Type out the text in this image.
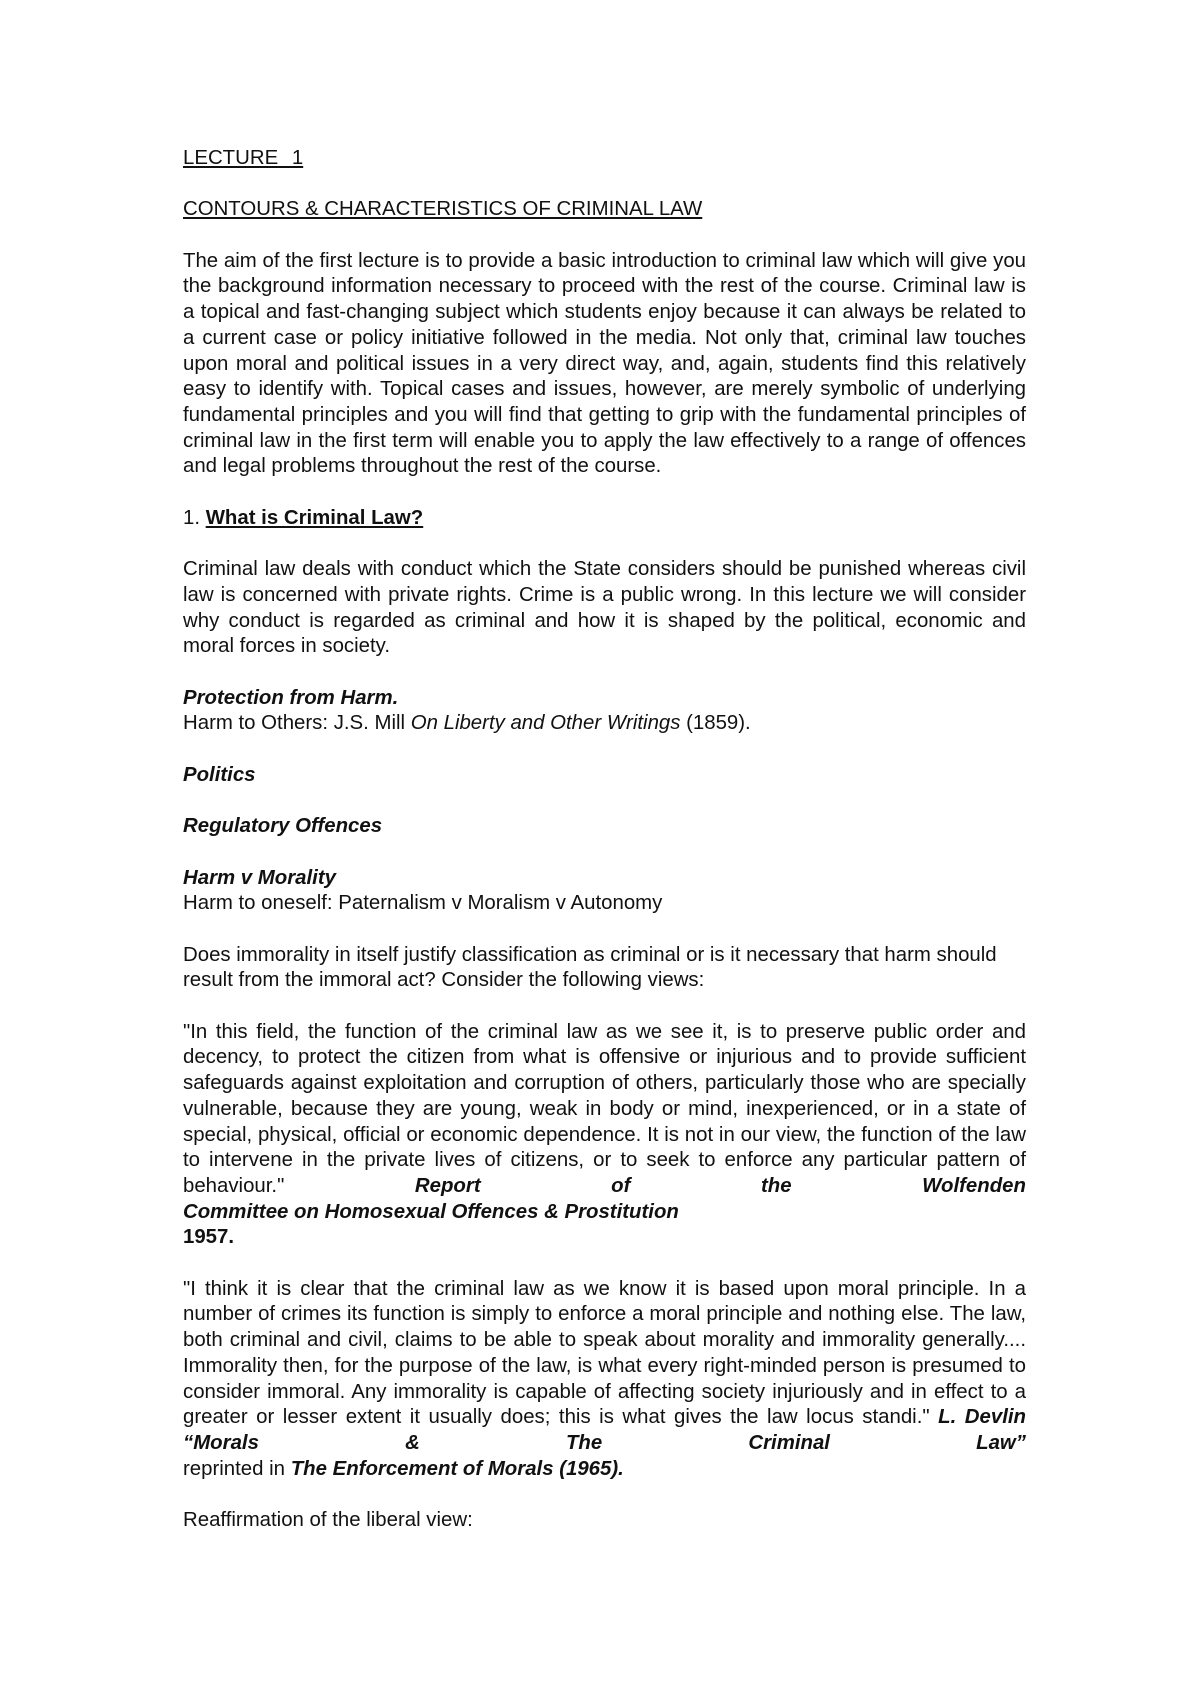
LECTURE 1

CONTOURS & CHARACTERISTICS OF CRIMINAL LAW

The aim of the first lecture is to provide a basic introduction to criminal law which will give you the background information necessary to proceed with the rest of the course. Criminal law is a topical and fast-changing subject which students enjoy because it can always be related to a current case or policy initiative followed in the media. Not only that, criminal law touches upon moral and political issues in a very direct way, and, again, students find this relatively easy to identify with. Topical cases and issues, however, are merely symbolic of underlying fundamental principles and you will find that getting to grip with the fundamental principles of criminal law in the first term will enable you to apply the law effectively to a range of offences and legal problems throughout the rest of the course.

1. What is Criminal Law?

Criminal law deals with conduct which the State considers should be punished whereas civil law is concerned with private rights. Crime is a public wrong. In this lecture we will consider why conduct is regarded as criminal and how it is shaped by the political, economic and moral forces in society.

Protection from Harm.
Harm to Others: J.S. Mill On Liberty and Other Writings (1859).

Politics

Regulatory Offences

Harm v Morality
Harm to oneself: Paternalism v Moralism v Autonomy

Does immorality in itself justify classification as criminal or is it necessary that harm should result from the immoral act? Consider the following views:

"In this field, the function of the criminal law as we see it, is to preserve public order and decency, to protect the citizen from what is offensive or injurious and to provide sufficient safeguards against exploitation and corruption of others, particularly those who are specially vulnerable, because they are young, weak in body or mind, inexperienced, or in a state of special, physical, official or economic dependence. It is not in our view, the function of the law to intervene in the private lives of citizens, or to seek to enforce any particular pattern of behaviour." Report of the Wolfenden
Committee on Homosexual Offences & Prostitution
1957.

"I think it is clear that the criminal law as we know it is based upon moral principle. In a number of crimes its function is simply to enforce a moral principle and nothing else. The law, both criminal and civil, claims to be able to speak about morality and immorality generally.... Immorality then, for the purpose of the law, is what every right-minded person is presumed to consider immoral. Any immorality is capable of affecting society injuriously and in effect to a greater or lesser extent it usually does; this is what gives the law locus standi." L. Devlin “Morals & The Criminal Law”
reprinted in The Enforcement of Morals (1965).

Reaffirmation of the liberal view:
